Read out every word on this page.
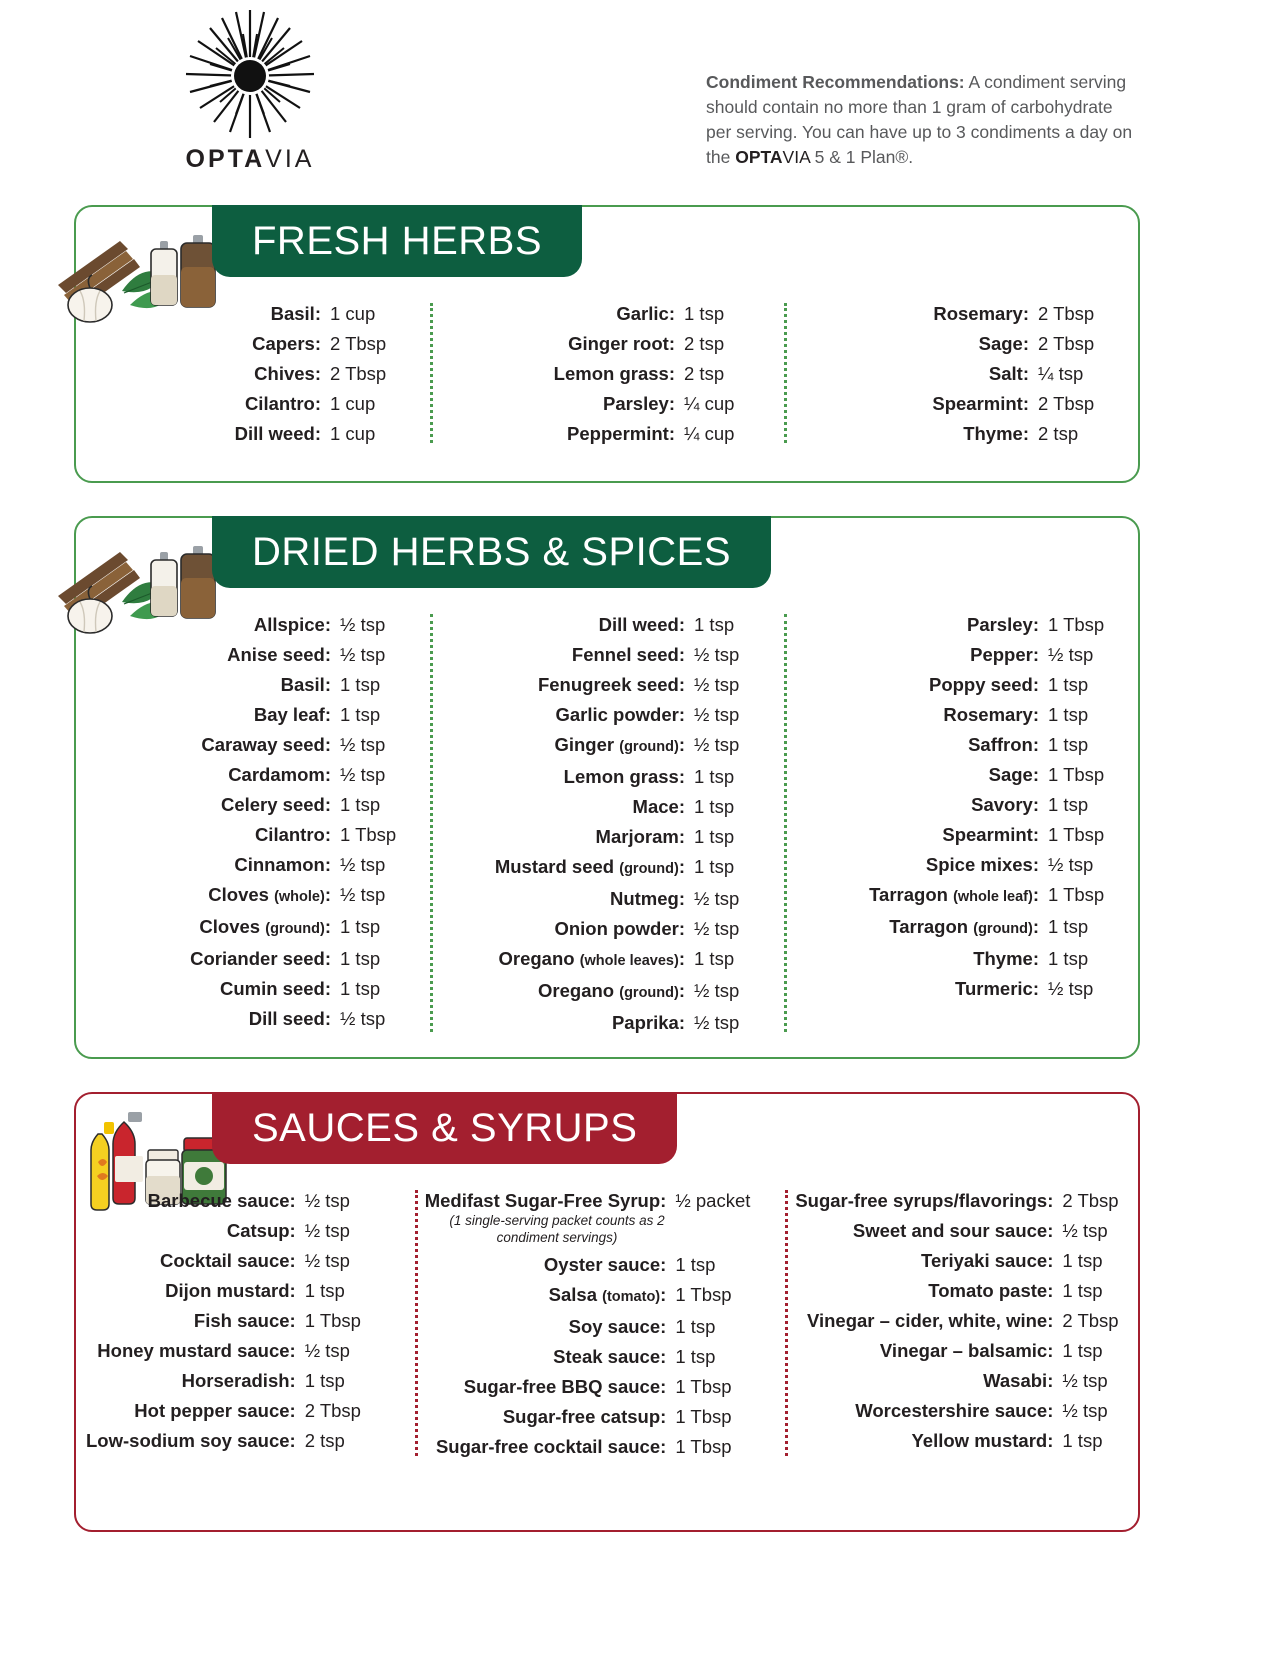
OPTAVIA
Condiment Recommendations: A condiment serving should contain no more than 1 gram of carbohydrate per serving. You can have up to 3 condiments a day on the OPTAVIA 5 & 1 Plan®.
FRESH HERBS
Basil: 1 cup
Capers: 2 Tbsp
Chives: 2 Tbsp
Cilantro: 1 cup
Dill weed: 1 cup
Garlic: 1 tsp
Ginger root: 2 tsp
Lemon grass: 2 tsp
Parsley: ¼ cup
Peppermint: ¼ cup
Rosemary: 2 Tbsp
Sage: 2 Tbsp
Salt: ¼ tsp
Spearmint: 2 Tbsp
Thyme: 2 tsp
DRIED HERBS & SPICES
Allspice: ½ tsp
Anise seed: ½ tsp
Basil: 1 tsp
Bay leaf: 1 tsp
Caraway seed: ½ tsp
Cardamom: ½ tsp
Celery seed: 1 tsp
Cilantro: 1 Tbsp
Cinnamon: ½ tsp
Cloves (whole): ½ tsp
Cloves (ground): 1 tsp
Coriander seed: 1 tsp
Cumin seed: 1 tsp
Dill seed: ½ tsp
Dill weed: 1 tsp
Fennel seed: ½ tsp
Fenugreek seed: ½ tsp
Garlic powder: ½ tsp
Ginger (ground): ½ tsp
Lemon grass: 1 tsp
Mace: 1 tsp
Marjoram: 1 tsp
Mustard seed (ground): 1 tsp
Nutmeg: ½ tsp
Onion powder: ½ tsp
Oregano (whole leaves): 1 tsp
Oregano (ground): ½ tsp
Paprika: ½ tsp
Parsley: 1 Tbsp
Pepper: ½ tsp
Poppy seed: 1 tsp
Rosemary: 1 tsp
Saffron: 1 tsp
Sage: 1 Tbsp
Savory: 1 tsp
Spearmint: 1 Tbsp
Spice mixes: ½ tsp
Tarragon (whole leaf): 1 Tbsp
Tarragon (ground): 1 tsp
Thyme: 1 tsp
Turmeric: ½ tsp
SAUCES & SYRUPS
Barbecue sauce: ½ tsp
Catsup: ½ tsp
Cocktail sauce: ½ tsp
Dijon mustard: 1 tsp
Fish sauce: 1 Tbsp
Honey mustard sauce: ½ tsp
Horseradish: 1 tsp
Hot pepper sauce: 2 Tbsp
Low-sodium soy sauce: 2 tsp
Medifast Sugar-Free Syrup: ½ packet
(1 single-serving packet counts as 2 condiment servings)
Oyster sauce: 1 tsp
Salsa (tomato): 1 Tbsp
Soy sauce: 1 tsp
Steak sauce: 1 tsp
Sugar-free BBQ sauce: 1 Tbsp
Sugar-free catsup: 1 Tbsp
Sugar-free cocktail sauce: 1 Tbsp
Sugar-free syrups/flavorings: 2 Tbsp
Sweet and sour sauce: ½ tsp
Teriyaki sauce: 1 tsp
Tomato paste: 1 tsp
Vinegar – cider, white, wine: 2 Tbsp
Vinegar – balsamic: 1 tsp
Wasabi: ½ tsp
Worcestershire sauce: ½ tsp
Yellow mustard: 1 tsp
